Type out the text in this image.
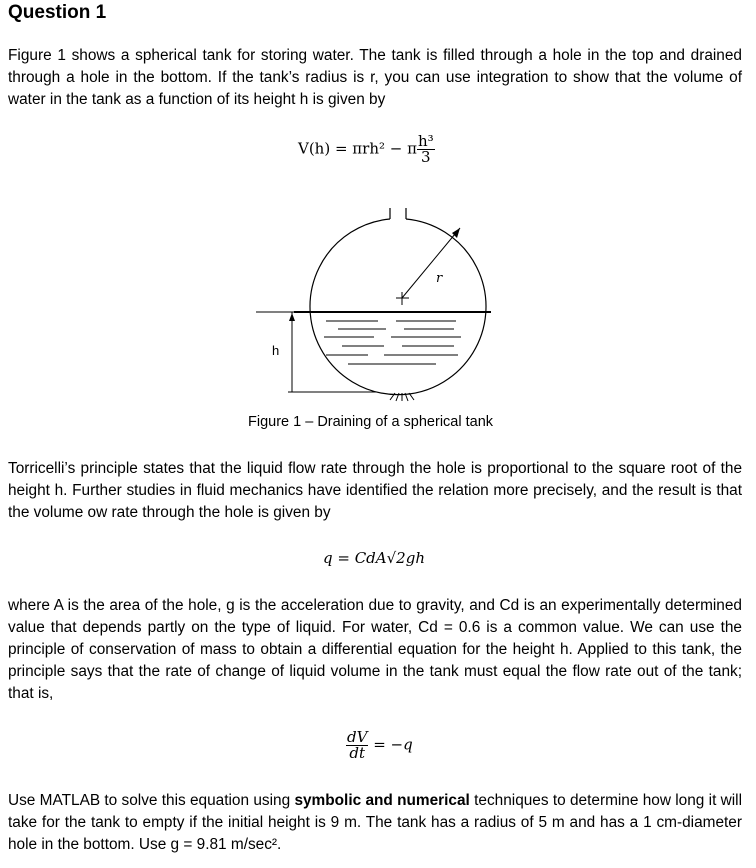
Question 1

Figure 1 shows a spherical tank for storing water. The tank is filled through a hole in the top and drained through a hole in the bottom. If the tank’s radius is r, you can use integration to show that the volume of water in the tank as a function of its height h is given by

V(h) = πrh² − π $\frac{\text{h³}}{3}$
r
h
Figure 1 – Draining of a spherical tank

Torricelli’s principle states that the liquid flow rate through the hole is proportional to the square root of the height h. Further studies in fluid mechanics have identified the relation more precisely, and the result is that the volume ow rate through the hole is given by

q = CdA√2gh

where A is the area of the hole, g is the acceleration due to gravity, and Cd is an experimentally determined value that depends partly on the type of liquid. For water, Cd = 0.6 is a common value. We can use the principle of conservation of mass to obtain a differential equation for the height h. Applied to this tank, the principle says that the rate of change of liquid volume in the tank must equal the flow rate out of the tank; that is,

$\frac{dV}{dt} = -q$

Use MATLAB to solve this equation using symbolic and numerical techniques to determine how long it will take for the tank to empty if the initial height is 9 m. The tank has a radius of 5 m and has a 1 cm-diameter hole in the bottom. Use g = 9.81 m/sec².
